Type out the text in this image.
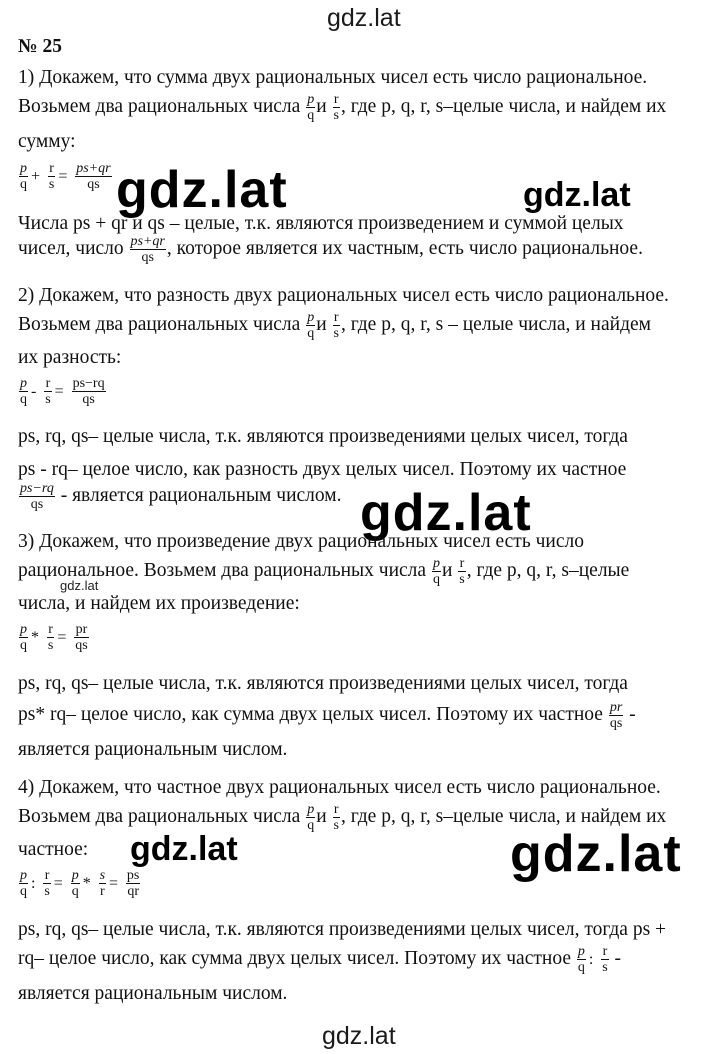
gdz.lat
gdz.lat	gdz.lat
gdz.lat
gdz.lat
gdz.lat	gdz.lat
gdz.lat
№ 25
1) Докажем, что сумма двух рациональных чисел есть число рациональное.
Возьмем два рациональных числа $\frac{p}{q}$ и $\frac{r}{s}$ , где p, q, r, s–целые числа, и найдем их
сумму:
$\frac{p}{q} + \frac{r}{s} = \frac{ps+qr}{qs}$
Числа ps + qr и qs – целые, т.к. являются произведением и суммой целых
чисел, число $\frac{ps+qr}{qs}$ , которое является их частным, есть число рациональное.
2) Докажем, что разность двух рациональных чисел есть число рациональное.
Возьмем два рациональных числа $\frac{p}{q}$ и $\frac{r}{s}$ , где p, q, r, s – целые числа, и найдем
их разность:
$\frac{p}{q} - \frac{r}{s} = \frac{ps-rq}{qs}$
ps, rq, qs– целые числа, т.к. являются произведениями целых чисел, тогда
ps - rq– целое число, как разность двух целых чисел. Поэтому их частное
$\frac{ps-rq}{qs}$ - является рациональным числом.
3) Докажем, что произведение двух рациональных чисел есть число
рациональное. Возьмем два рациональных числа $\frac{p}{q}$ и $\frac{r}{s}$ , где p, q, r, s–целые
числа, и найдем их произведение:
$\frac{p}{q} * \frac{r}{s} = \frac{pr}{qs}$
ps, rq, qs– целые числа, т.к. являются произведениями целых чисел, тогда
ps* rq– целое число, как сумма двух целых чисел. Поэтому их частное $\frac{pr}{qs}$ -
является рациональным числом.
4) Докажем, что частное двух рациональных чисел есть число рациональное.
Возьмем два рациональных числа $\frac{p}{q}$ и $\frac{r}{s}$ , где p, q, r, s–целые числа, и найдем их
частное:
$\frac{p}{q}$ : $\frac{r}{s} = \frac{p}{q} * \frac{s}{r} = \frac{ps}{qr}$
ps, rq, qs– целые числа, т.к. являются произведениями целых чисел, тогда ps +
rq– целое число, как сумма двух целых чисел. Поэтому их частное $\frac{p}{q}$ : $\frac{r}{s}$ -
является рациональным числом.
